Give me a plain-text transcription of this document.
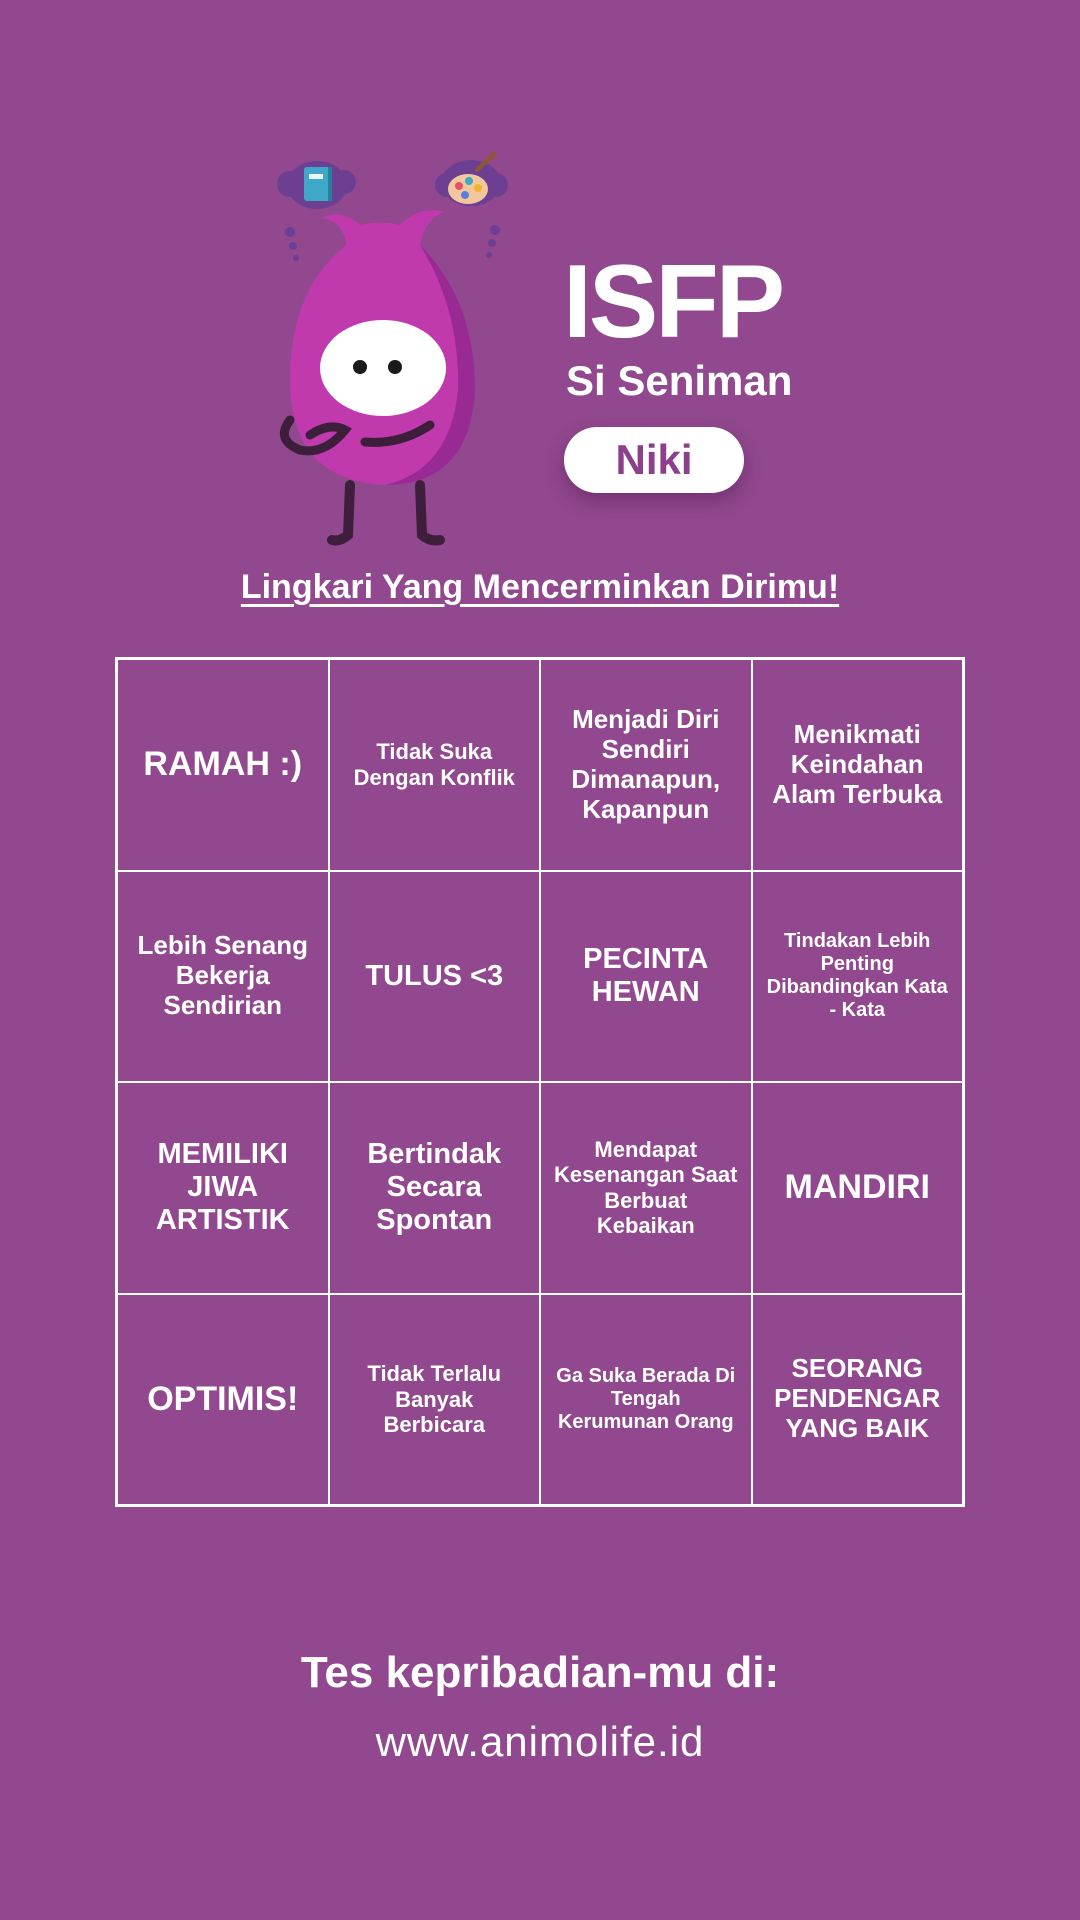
ISFP
Si Seniman
Niki
Lingkari Yang Mencerminkan Dirimu!
RAMAH :)	Tidak Suka Dengan Konflik
Menjadi Diri Sendiri Dimanapun, Kapanpun
Menikmati Keindahan Alam Terbuka
Lebih Senang Bekerja Sendirian
TULUS <3
PECINTA HEWAN
Tindakan Lebih Penting Dibandingkan Kata - Kata
MEMILIKI JIWA ARTISTIK
Bertindak Secara Spontan
Mendapat Kesenangan Saat Berbuat Kebaikan
MANDIRI
OPTIMIS!
Tidak Terlalu Banyak Berbicara
Ga Suka Berada Di Tengah Kerumunan Orang
SEORANG PENDENGAR YANG BAIK
Tes kepribadian-mu di:
www.animolife.id
